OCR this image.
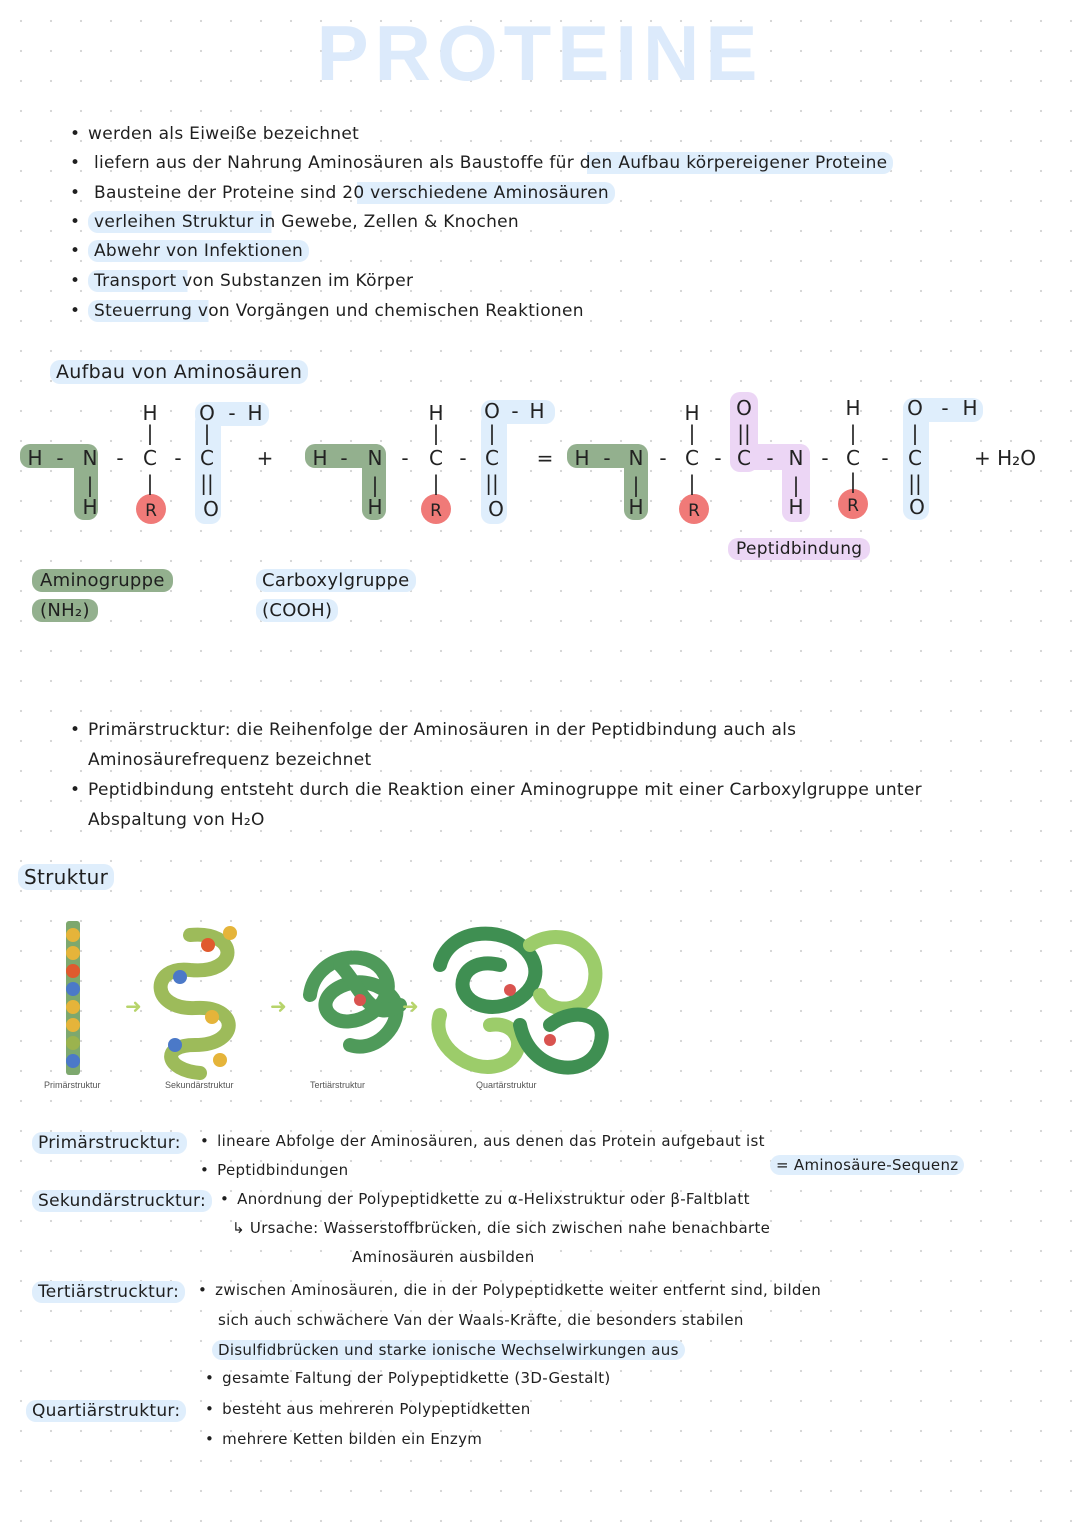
PROTEINE
• werden als Eiweiße bezeichnet
• liefern aus der Nahrung Aminosäuren als Baustoffe für den Aufbau körpereigener Proteine
• Bausteine der Proteine sind 20 verschiedene Aminosäuren
• verleihen Struktur in Gewebe, Zellen & Knochen
• Abwehr von Infektionen
• Transport von Substanzen im Körper
• Steuerrung von Vorgängen und chemischen Reaktionen
Aufbau von Aminosäuren
H - N
|
H
- C
H
|
|
R
- C
O
|
- H
||
O
+ H - N
|
H
- C
H
|
|
R
- C
O
|
- H
||
O
= H - N
|
H
- C
H
|
|
R
- C
O
||
- N
|
H
- C
H
|
|
R
- C
O
|
- H
||
O
+ H₂O
Peptidbindung
Aminogruppe
(NH₂)
Carboxylgruppe
(COOH)
• Primärstrucktur: die Reihenfolge der Aminosäuren in der Peptidbindung auch als Aminosäurefrequenz bezeichnet
• Peptidbindung entsteht durch die Reaktion einer Aminogruppe mit einer Carboxylgruppe unter Abspaltung von H₂O
Struktur
➜	➜	➜
Primärstruktur	Sekundärstruktur	Tertiärstruktur	Quartärstruktur
Primärstrucktur:	• lineare Abfolge der Aminosäuren, aus denen das Protein aufgebaut ist
• Peptidbindungen	= Aminosäure-Sequenz
Sekundärstrucktur:	• Anordnung der Polypeptidkette zu α-Helixstruktur oder β-Faltblatt
↳ Ursache: Wasserstoffbrücken, die sich zwischen nahe benachbarte
Aminosäuren ausbilden
Tertiärstrucktur:	• zwischen Aminosäuren, die in der Polypeptidkette weiter entfernt sind, bilden
sich auch schwächere Van der Waals-Kräfte, die besonders stabilen
Disulfidbrücken und starke ionische Wechselwirkungen aus
• gesamte Faltung der Polypeptidkette (3D-Gestalt)
Quartiärstruktur:	• besteht aus mehreren Polypeptidketten
• mehrere Ketten bilden ein Enzym
